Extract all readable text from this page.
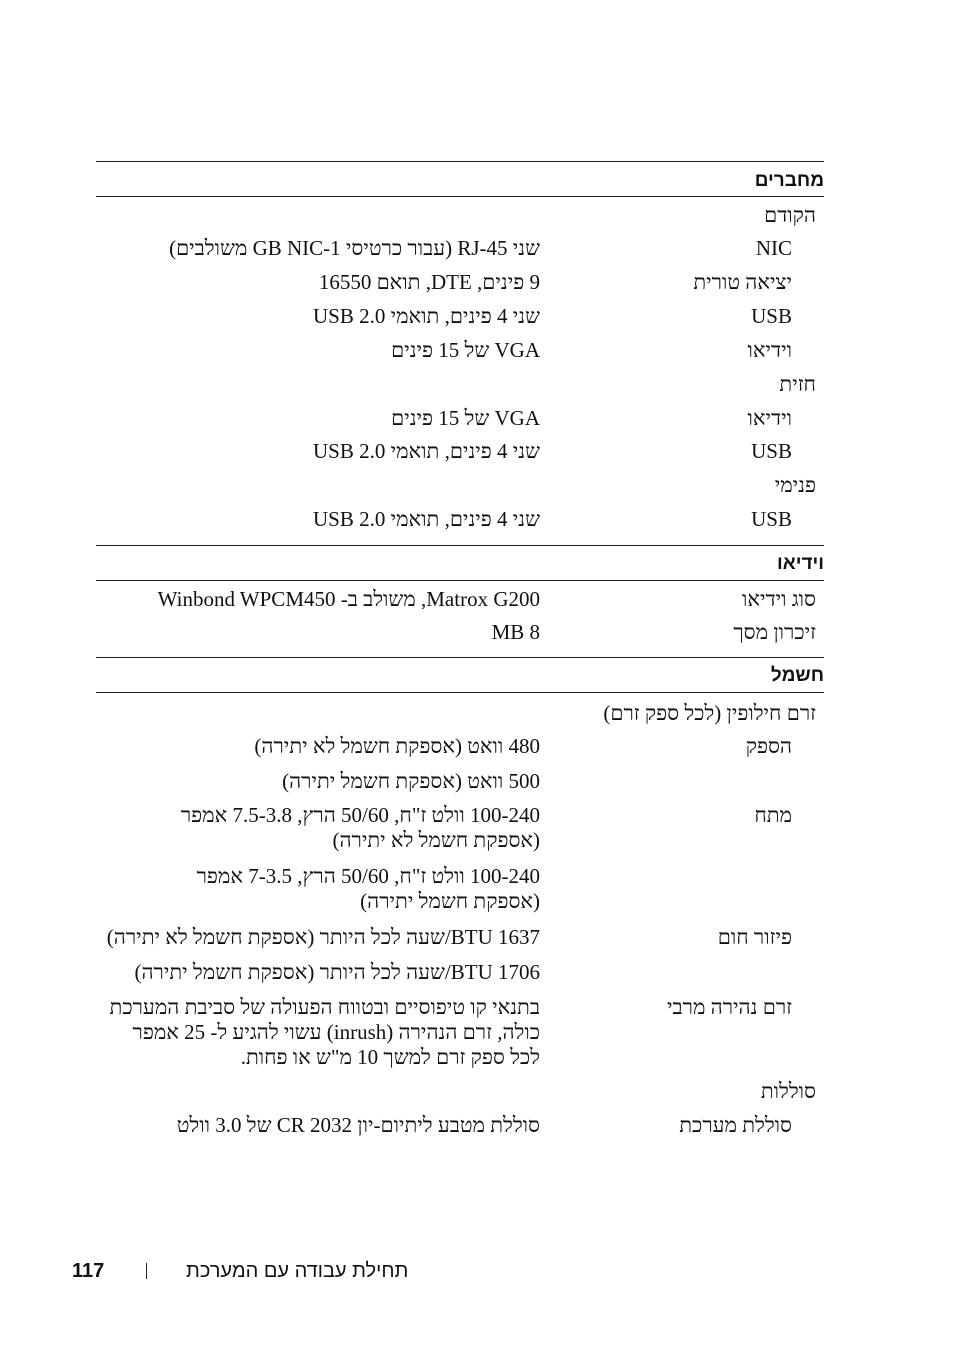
מחברים
הקודם
NIC
שני RJ-45 (עבור כרטיסי 1-GB NIC משולבים)
יציאה טורית
9 פינים, DTE, תואם 16550
USB
שני 4 פינים, תואמי USB 2.0
וידיאו
VGA של 15 פינים
חזית
וידיאו
VGA של 15 פינים
USB
שני 4 פינים, תואמי USB 2.0
פנימי
USB
שני 4 פינים, תואמי USB 2.0
וידיאו
סוג וידיאו
Matrox G200, משולב ב- Winbond WPCM450
זיכרון מסך
8 MB
חשמל
זרם חילופין (לכל ספק זרם)
הספק
480 וואט (אספקת חשמל לא יתירה)
500 וואט (אספקת חשמל יתירה)
מתח
100-240 וולט ז"ח, 50/60 הרץ, 7.5-3.8 אמפר
(אספקת חשמל לא יתירה)
100-240 וולט ז"ח, 50/60 הרץ, 7-3.5 אמפר
(אספקת חשמל יתירה)
פיזור חום
1637 BTU/שעה לכל היותר (אספקת חשמל לא יתירה)
1706 BTU/שעה לכל היותר (אספקת חשמל יתירה)
זרם נהירה מרבי
בתנאי קו טיפוסיים ובטווח הפעולה של סביבת המערכת
כולה, זרם הנהירה (inrush) עשוי להגיע ל- 25 אמפר
לכל ספק זרם למשך 10 מ"ש או פחות.
סוללות
סוללת מערכת
סוללת מטבע ליתיום-יון CR 2032 של 3.0 וולט
117	תחילת עבודה עם המערכת
